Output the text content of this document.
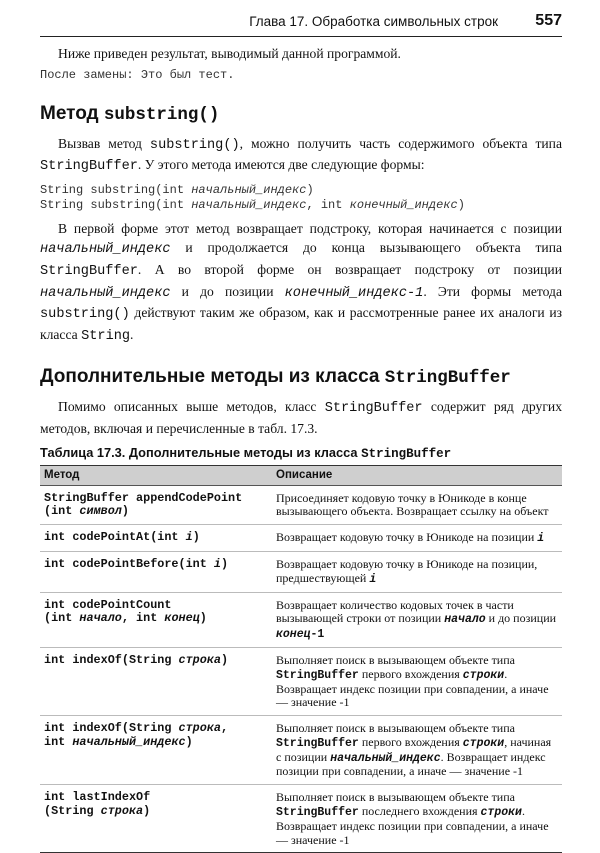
Глава 17. Обработка символьных строк 557

Ниже приведен результат, выводимый данной программой.

После замены: Это был тест.

Метод substring()

Вызвав метод substring(), можно получить часть содержимого объекта типа StringBuffer. У этого метода имеются две следующие формы:

String substring(int начальный_индекс)
String substring(int начальный_индекс, int конечный_индекс)

В первой форме этот метод возвращает подстроку, которая начинается с позиции начальный_индекс и продолжается до конца вызывающего объекта типа StringBuffer. А во второй форме он возвращает подстроку от позиции начальный_индекс и до позиции конечный_индекс-1. Эти формы метода substring() действуют таким же образом, как и рассмотренные ранее их аналоги из класса String.

Дополнительные методы из класса StringBuffer

Помимо описанных выше методов, класс StringBuffer содержит ряд других методов, включая и перечисленные в табл. 17.3.

Таблица 17.3. Дополнительные методы из класса StringBuffer

Метод	Описание
StringBuffer appendCodePoint
(int символ)	Присоединяет кодовую точку в Юникоде в конце вызывающего объекта. Возвращает ссылку на объект
int codePointAt(int i)	Возвращает кодовую точку в Юникоде на позиции i
int codePointBefore(int i)	Возвращает кодовую точку в Юникоде на позиции, предшествующей i
int codePointCount
(int начало, int конец)	Возвращает количество кодовых точек в части вызывающей строки от позиции начало и до позиции конец-1
int indexOf(String строка)	Выполняет поиск в вызывающем объекте типа StringBuffer первого вхождения строки. Возвращает индекс позиции при совпадении, а иначе — значение -1
int indexOf(String строка,
int начальный_индекс)	Выполняет поиск в вызывающем объекте типа StringBuffer первого вхождения строки, начиная с позиции начальный_индекс. Возвращает индекс позиции при совпадении, а иначе — значение -1
int lastIndexOf
(String строка)	Выполняет поиск в вызывающем объекте типа StringBuffer последнего вхождения строки. Возвращает индекс позиции при совпадении, а иначе — значение -1
